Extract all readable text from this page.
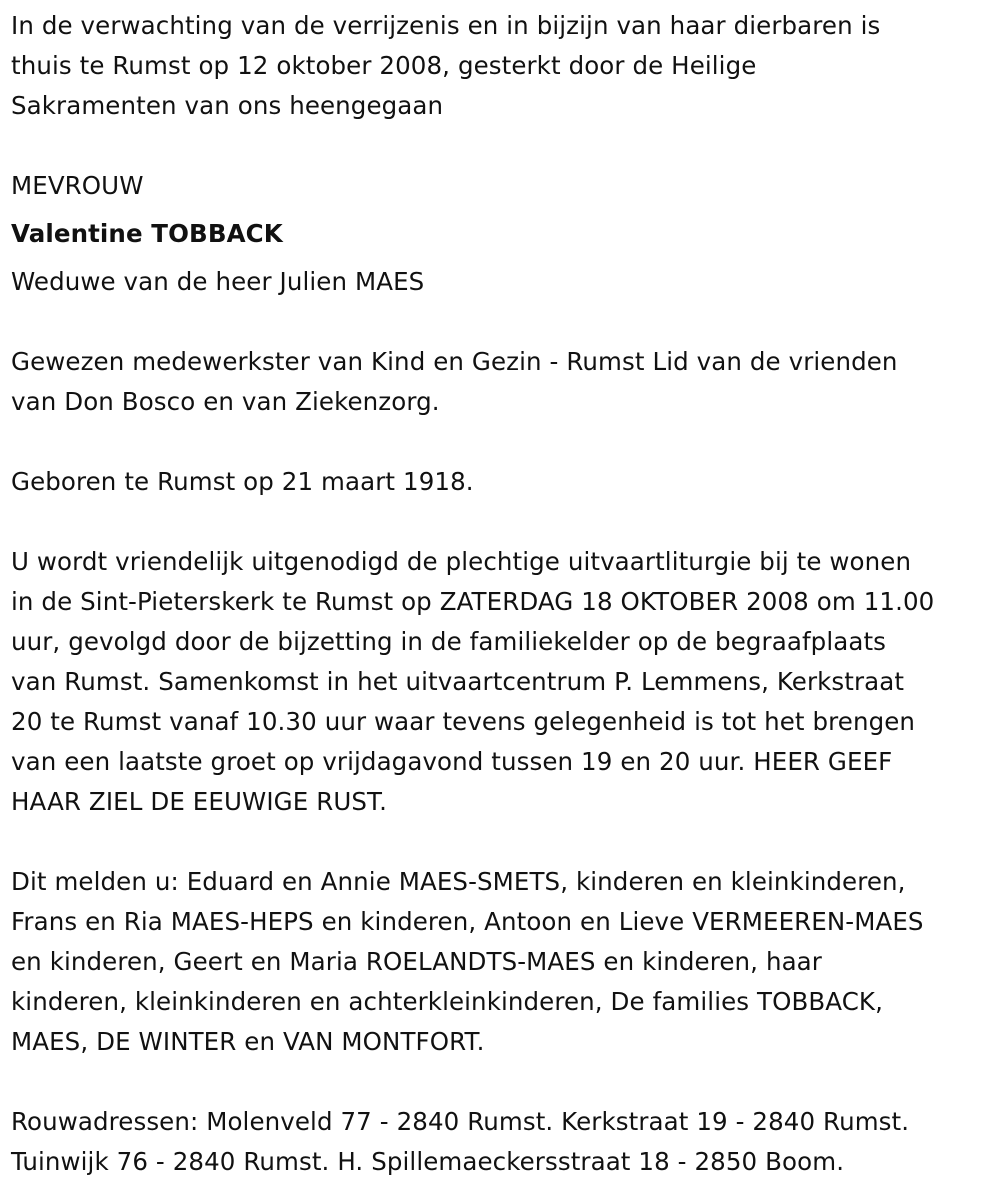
In de verwachting van de verrijzenis en in bijzijn van haar dierbaren is
thuis te Rumst op 12 oktober 2008, gesterkt door de Heilige
Sakramenten van ons heengegaan

MEVROUW

Valentine TOBBACK

Weduwe van de heer Julien MAES

Gewezen medewerkster van Kind en Gezin - Rumst Lid van de vrienden
van Don Bosco en van Ziekenzorg.

Geboren te Rumst op 21 maart 1918.

U wordt vriendelijk uitgenodigd de plechtige uitvaartliturgie bij te wonen
in de Sint-Pieterskerk te Rumst op ZATERDAG 18 OKTOBER 2008 om 11.00
uur, gevolgd door de bijzetting in de familiekelder op de begraafplaats
van Rumst. Samenkomst in het uitvaartcentrum P. Lemmens, Kerkstraat
20 te Rumst vanaf 10.30 uur waar tevens gelegenheid is tot het brengen
van een laatste groet op vrijdagavond tussen 19 en 20 uur. HEER GEEF
HAAR ZIEL DE EEUWIGE RUST.

Dit melden u: Eduard en Annie MAES-SMETS, kinderen en kleinkinderen,
Frans en Ria MAES-HEPS en kinderen, Antoon en Lieve VERMEEREN-MAES
en kinderen, Geert en Maria ROELANDTS-MAES en kinderen, haar
kinderen, kleinkinderen en achterkleinkinderen, De families TOBBACK,
MAES, DE WINTER en VAN MONTFORT.

Rouwadressen: Molenveld 77 - 2840 Rumst. Kerkstraat 19 - 2840 Rumst.
Tuinwijk 76 - 2840 Rumst. H. Spillemaeckersstraat 18 - 2850 Boom.
